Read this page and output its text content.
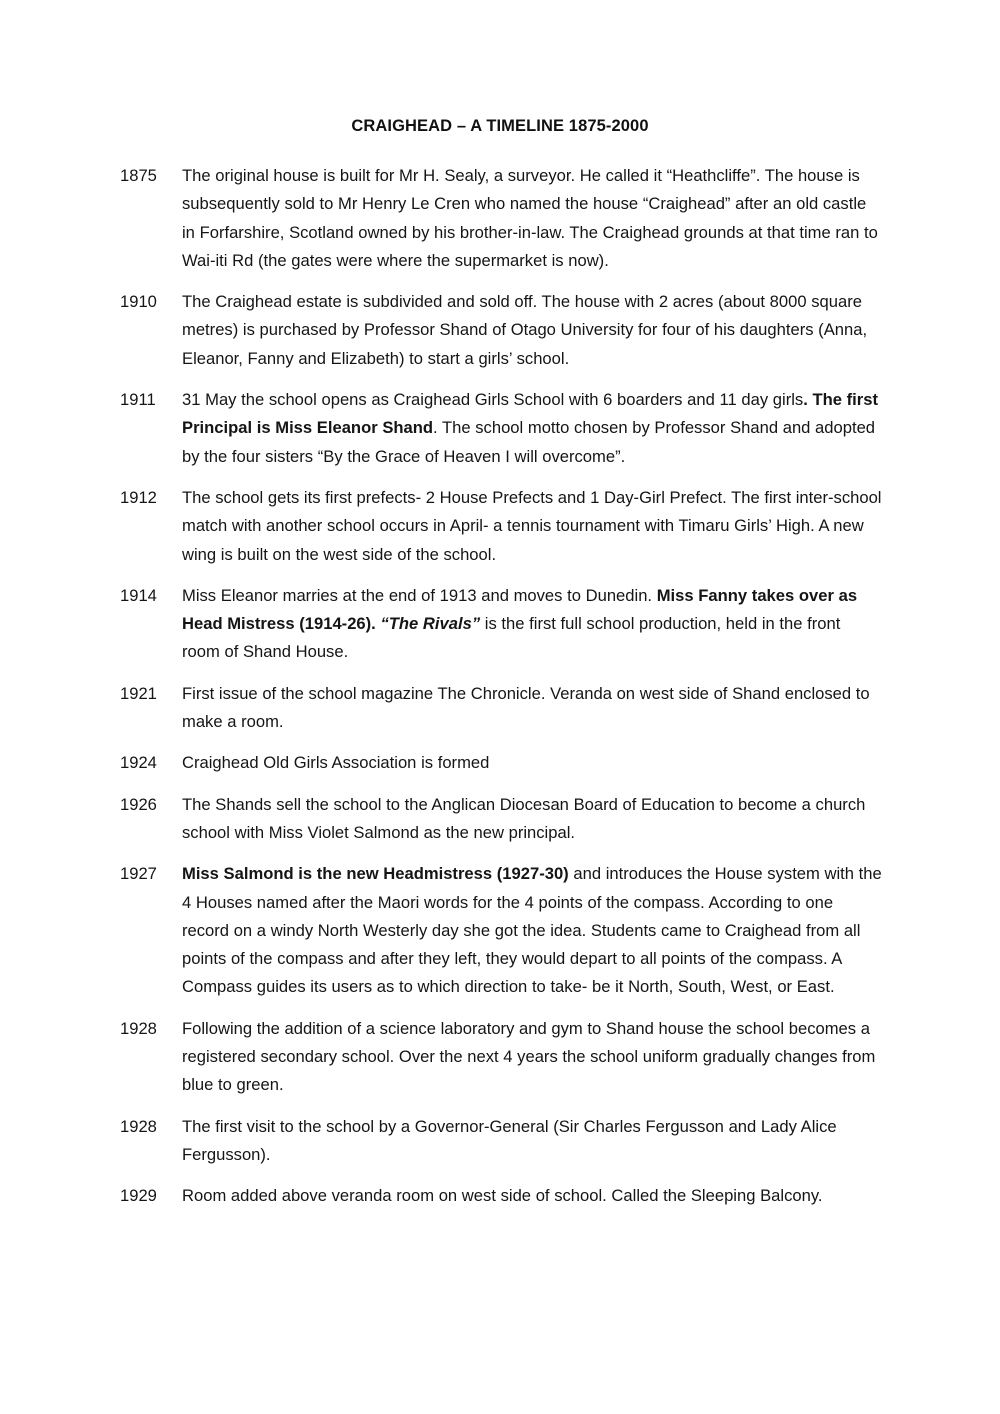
CRAIGHEAD – A TIMELINE 1875-2000
1875	The original house is built for Mr H. Sealy, a surveyor. He called it “Heathcliffe”. The house is subsequently sold to Mr Henry Le Cren who named the house “Craighead” after an old castle in Forfarshire, Scotland owned by his brother-in-law. The Craighead grounds at that time ran to Wai-iti Rd (the gates were where the supermarket is now).
1910	The Craighead estate is subdivided and sold off. The house with 2 acres (about 8000 square metres) is purchased by Professor Shand of Otago University for four of his daughters (Anna, Eleanor, Fanny and Elizabeth) to start a girls’ school.
1911	31 May the school opens as Craighead Girls School with 6 boarders and 11 day girls. The first Principal is Miss Eleanor Shand. The school motto chosen by Professor Shand and adopted by the four sisters “By the Grace of Heaven I will overcome”.
1912	The school gets its first prefects- 2 House Prefects and 1 Day-Girl Prefect. The first inter-school match with another school occurs in April- a tennis tournament with Timaru Girls’ High. A new wing is built on the west side of the school.
1914	Miss Eleanor marries at the end of 1913 and moves to Dunedin. Miss Fanny takes over as Head Mistress (1914-26). “The Rivals” is the first full school production, held in the front room of Shand House.
1921	First issue of the school magazine The Chronicle. Veranda on west side of Shand enclosed to make a room.
1924	Craighead Old Girls Association is formed
1926	The Shands sell the school to the Anglican Diocesan Board of Education to become a church school with Miss Violet Salmond as the new principal.
1927	Miss Salmond is the new Headmistress (1927-30) and introduces the House system with the 4 Houses named after the Maori words for the 4 points of the compass. According to one record on a windy North Westerly day she got the idea. Students came to Craighead from all points of the compass and after they left, they would depart to all points of the compass. A Compass guides its users as to which direction to take- be it North, South, West, or East.
1928	Following the addition of a science laboratory and gym to Shand house the school becomes a registered secondary school. Over the next 4 years the school uniform gradually changes from blue to green.
1928	The first visit to the school by a Governor-General (Sir Charles Fergusson and Lady Alice Fergusson).
1929	Room added above veranda room on west side of school. Called the Sleeping Balcony.
